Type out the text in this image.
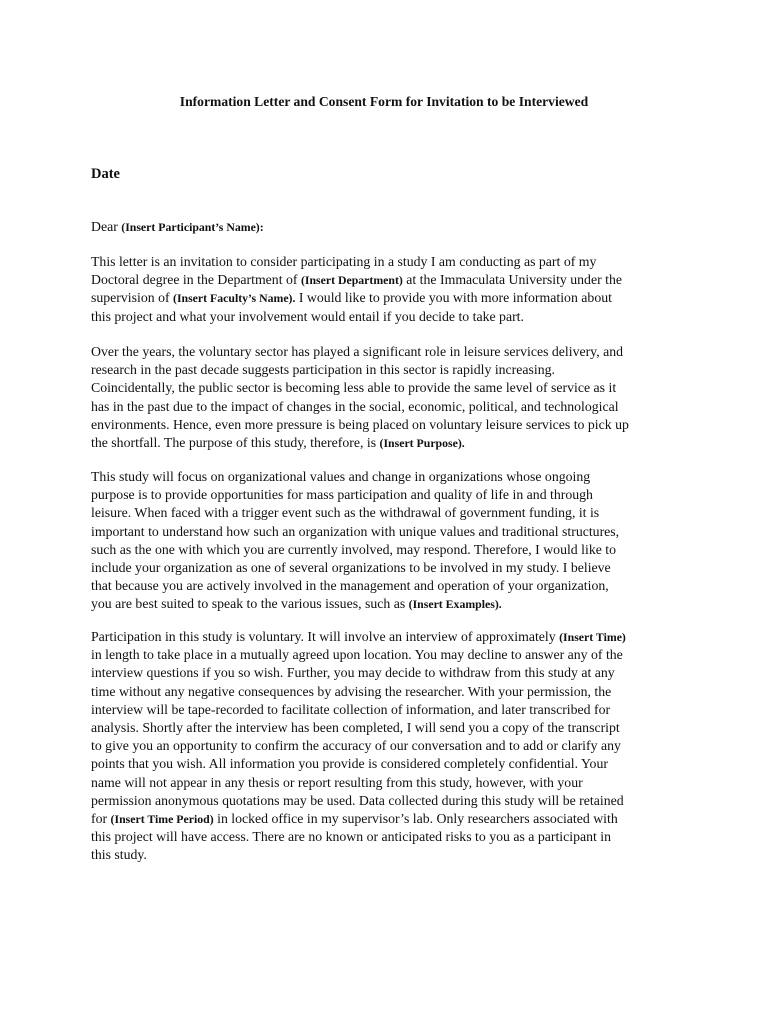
Information Letter and Consent Form for Invitation to be Interviewed
Date
Dear (Insert Participant’s Name):
This letter is an invitation to consider participating in a study I am conducting as part of my
Doctoral degree in the Department of (Insert Department) at the Immaculata University under the
supervision of (Insert Faculty’s Name). I would like to provide you with more information about
this project and what your involvement would entail if you decide to take part.
Over the years, the voluntary sector has played a significant role in leisure services delivery, and
research in the past decade suggests participation in this sector is rapidly increasing.
Coincidentally, the public sector is becoming less able to provide the same level of service as it
has in the past due to the impact of changes in the social, economic, political, and technological
environments. Hence, even more pressure is being placed on voluntary leisure services to pick up
the shortfall. The purpose of this study, therefore, is (Insert Purpose).
This study will focus on organizational values and change in organizations whose ongoing
purpose is to provide opportunities for mass participation and quality of life in and through
leisure. When faced with a trigger event such as the withdrawal of government funding, it is
important to understand how such an organization with unique values and traditional structures,
such as the one with which you are currently involved, may respond. Therefore, I would like to
include your organization as one of several organizations to be involved in my study. I believe
that because you are actively involved in the management and operation of your organization,
you are best suited to speak to the various issues, such as (Insert Examples).
Participation in this study is voluntary. It will involve an interview of approximately (Insert Time)
in length to take place in a mutually agreed upon location. You may decline to answer any of the
interview questions if you so wish. Further, you may decide to withdraw from this study at any
time without any negative consequences by advising the researcher. With your permission, the
interview will be tape-recorded to facilitate collection of information, and later transcribed for
analysis. Shortly after the interview has been completed, I will send you a copy of the transcript
to give you an opportunity to confirm the accuracy of our conversation and to add or clarify any
points that you wish. All information you provide is considered completely confidential. Your
name will not appear in any thesis or report resulting from this study, however, with your
permission anonymous quotations may be used. Data collected during this study will be retained
for (Insert Time Period) in locked office in my supervisor’s lab. Only researchers associated with
this project will have access. There are no known or anticipated risks to you as a participant in
this study.
